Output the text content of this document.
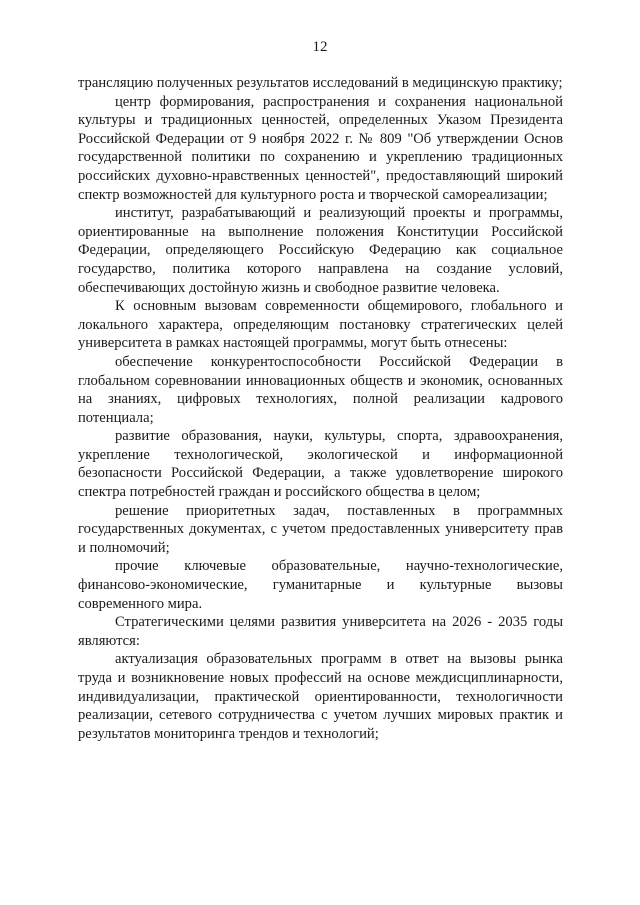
12

трансляцию полученных результатов исследований в медицинскую практику;

центр формирования, распространения и сохранения национальной культуры и традиционных ценностей, определенных Указом Президента Российской Федерации от 9 ноября 2022 г. № 809 "Об утверждении Основ государственной политики по сохранению и укреплению традиционных российских духовно-нравственных ценностей", предоставляющий широкий спектр возможностей для культурного роста и творческой самореализации;

институт, разрабатывающий и реализующий проекты и программы, ориентированные на выполнение положения Конституции Российской Федерации, определяющего Российскую Федерацию как социальное государство, политика которого направлена на создание условий, обеспечивающих достойную жизнь и свободное развитие человека.

К основным вызовам современности общемирового, глобального и локального характера, определяющим постановку стратегических целей университета в рамках настоящей программы, могут быть отнесены:

обеспечение конкурентоспособности Российской Федерации в глобальном соревновании инновационных обществ и экономик, основанных на знаниях, цифровых технологиях, полной реализации кадрового потенциала;

развитие образования, науки, культуры, спорта, здравоохранения, укрепление технологической, экологической и информационной безопасности Российской Федерации, а также удовлетворение широкого спектра потребностей граждан и российского общества в целом;

решение приоритетных задач, поставленных в программных государственных документах, с учетом предоставленных университету прав и полномочий;

прочие ключевые образовательные, научно-технологические, финансово-экономические, гуманитарные и культурные вызовы современного мира.

Стратегическими целями развития университета на 2026 - 2035 годы являются:

актуализация образовательных программ в ответ на вызовы рынка труда и возникновение новых профессий на основе междисциплинарности, индивидуализации, практической ориентированности, технологичности реализации, сетевого сотрудничества с учетом лучших мировых практик и результатов мониторинга трендов и технологий;
